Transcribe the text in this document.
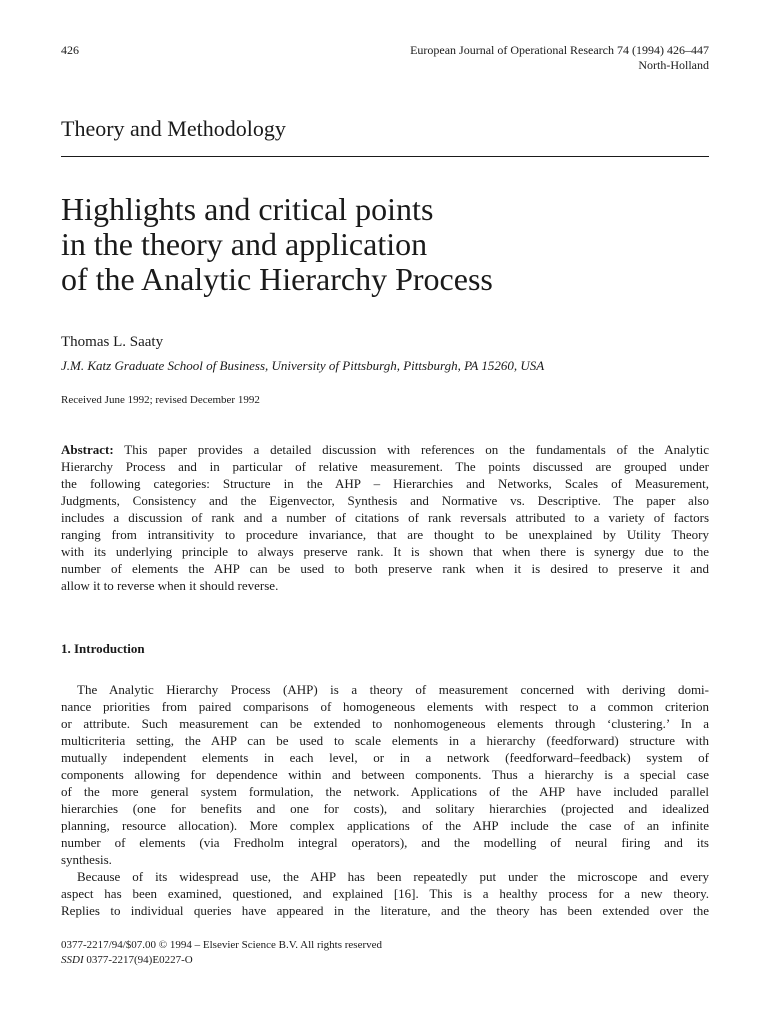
426	European Journal of Operational Research 74 (1994) 426–447
North-Holland
Theory and Methodology
Highlights and critical points
in the theory and application
of the Analytic Hierarchy Process
Thomas L. Saaty
J.M. Katz Graduate School of Business, University of Pittsburgh, Pittsburgh, PA 15260, USA
Received June 1992; revised December 1992
Abstract: This paper provides a detailed discussion with references on the fundamentals of the Analytic
Hierarchy Process and in particular of relative measurement. The points discussed are grouped under
the following categories: Structure in the AHP – Hierarchies and Networks, Scales of Measurement,
Judgments, Consistency and the Eigenvector, Synthesis and Normative vs. Descriptive. The paper also
includes a discussion of rank and a number of citations of rank reversals attributed to a variety of factors
ranging from intransitivity to procedure invariance, that are thought to be unexplained by Utility Theory
with its underlying principle to always preserve rank. It is shown that when there is synergy due to the
number of elements the AHP can be used to both preserve rank when it is desired to preserve it and
allow it to reverse when it should reverse.
1. Introduction
The Analytic Hierarchy Process (AHP) is a theory of measurement concerned with deriving domi-
nance priorities from paired comparisons of homogeneous elements with respect to a common criterion
or attribute. Such measurement can be extended to nonhomogeneous elements through ‘clustering.’ In a
multicriteria setting, the AHP can be used to scale elements in a hierarchy (feedforward) structure with
mutually independent elements in each level, or in a network (feedforward–feedback) system of
components allowing for dependence within and between components. Thus a hierarchy is a special case
of the more general system formulation, the network. Applications of the AHP have included parallel
hierarchies (one for benefits and one for costs), and solitary hierarchies (projected and idealized
planning, resource allocation). More complex applications of the AHP include the case of an infinite
number of elements (via Fredholm integral operators), and the modelling of neural firing and its
synthesis.
Because of its widespread use, the AHP has been repeatedly put under the microscope and every
aspect has been examined, questioned, and explained [16]. This is a healthy process for a new theory.
Replies to individual queries have appeared in the literature, and the theory has been extended over the
0377-2217/94/$07.00 © 1994 – Elsevier Science B.V. All rights reserved
SSDI 0377-2217(94)E0227-O
